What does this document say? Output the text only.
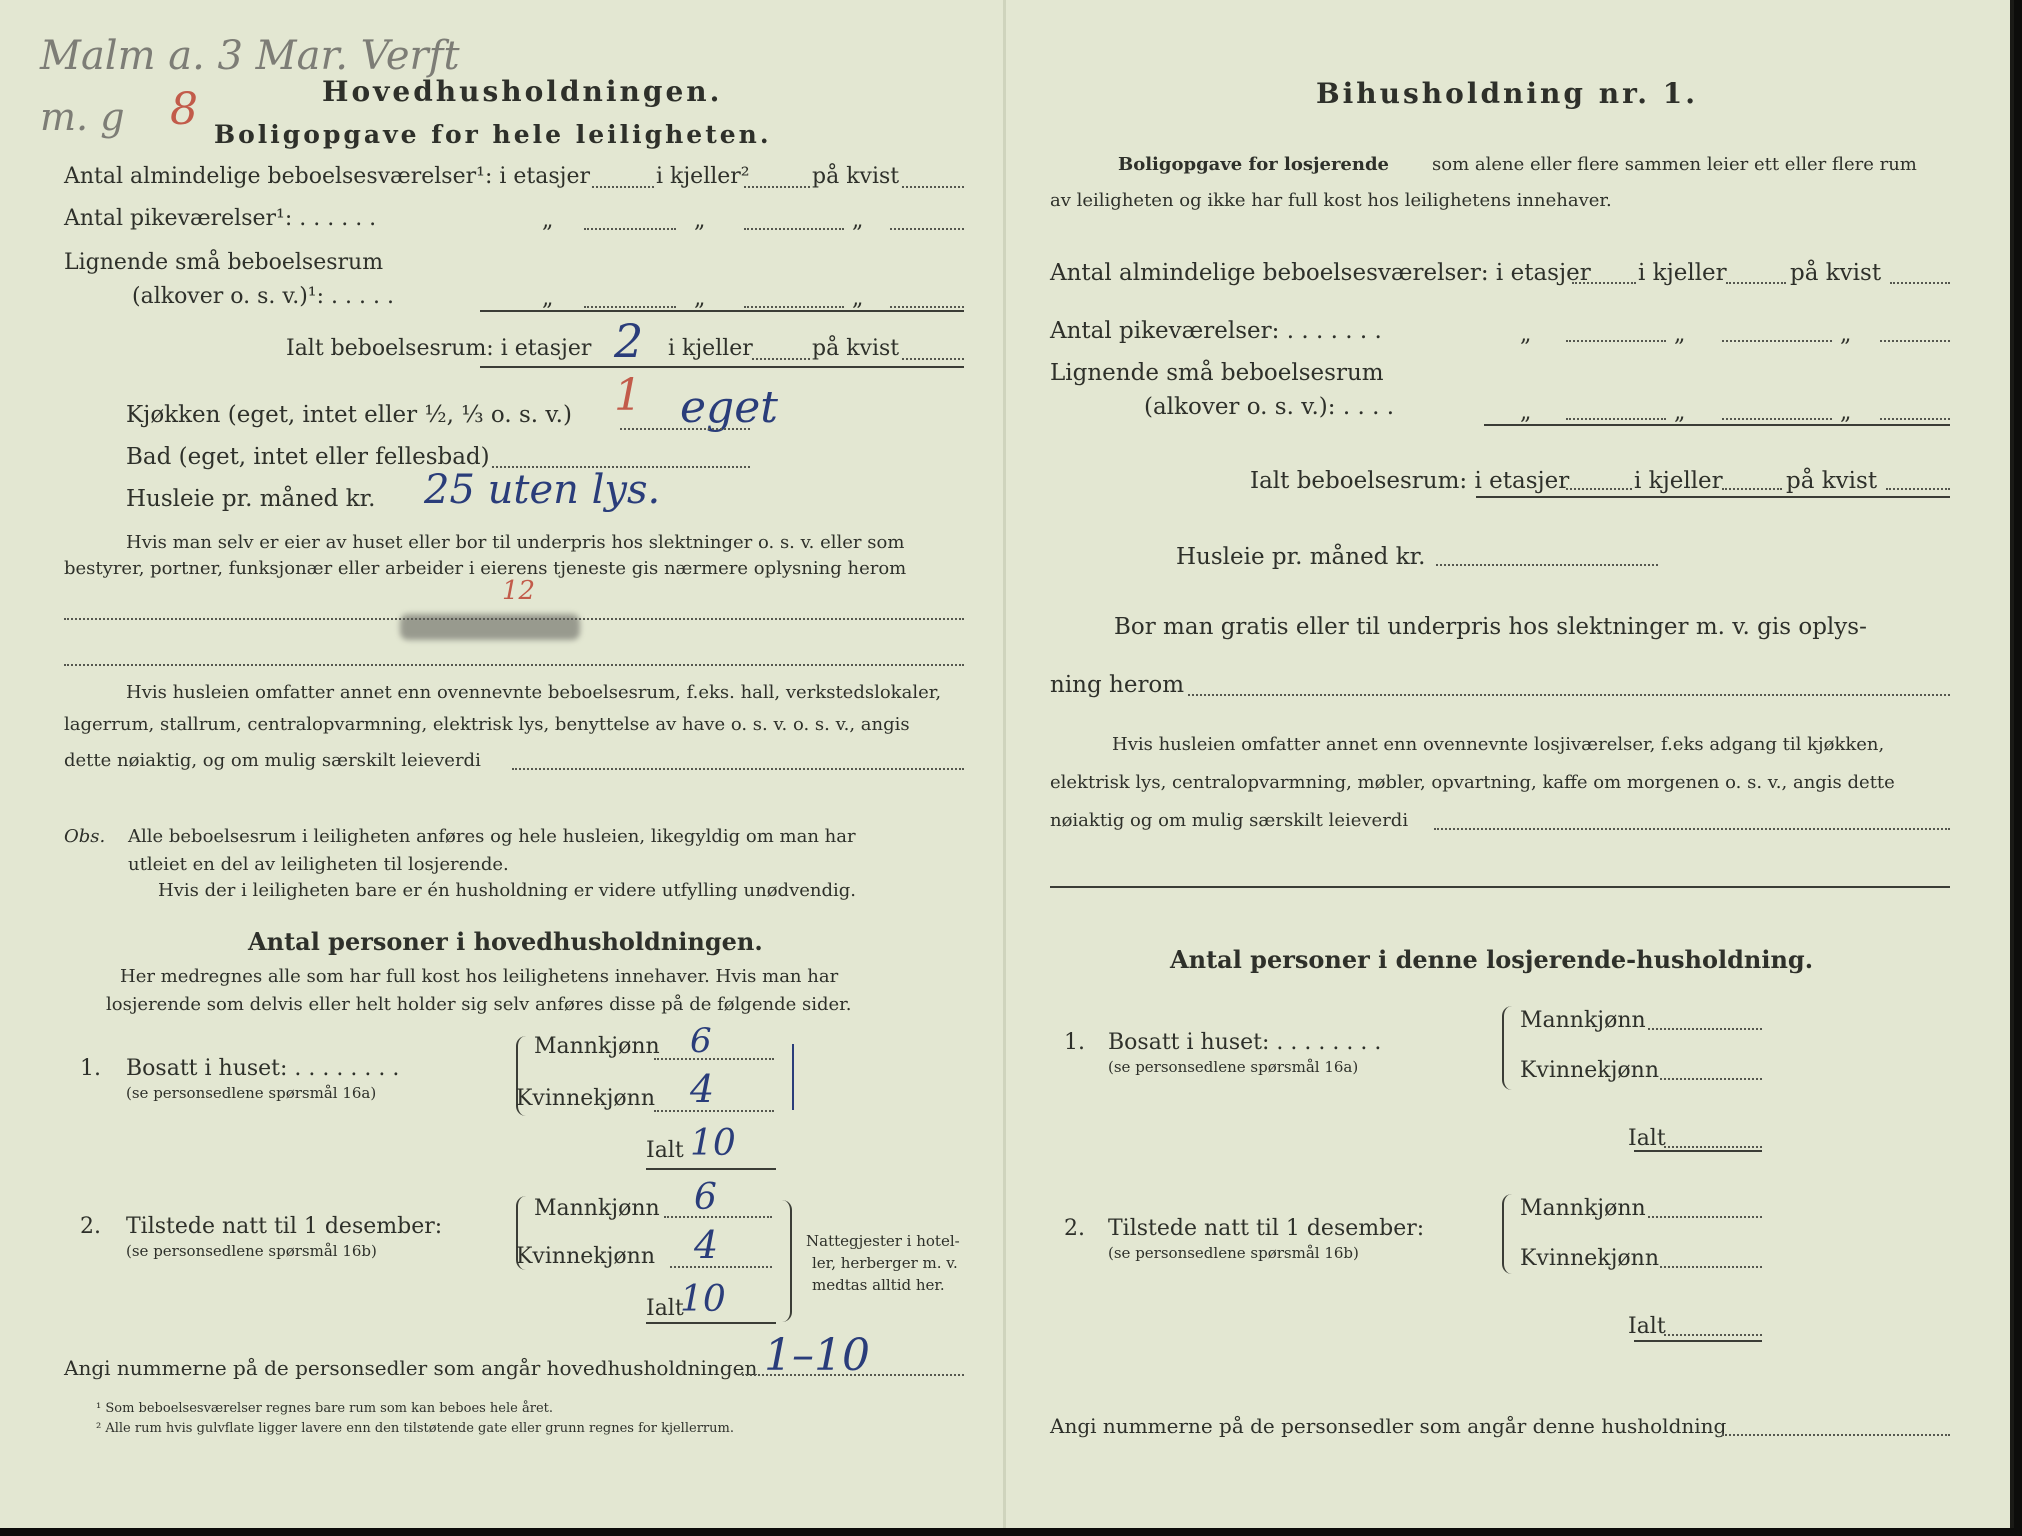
Malm a. 3 Mar. Verft
m. g 8	Hovedhusholdningen.
Boligopgave for hele leiligheten.
Antal almindelige beboelsesværelser¹: i etasjer	i kjeller²	på kvist
Antal pikeværelser¹: . . . . . .	„	„	„
Lignende små beboelsesrum
(alkover o. s. v.)¹: . . . . .	„	„	„
Ialt beboelsesrum: i etasjer 2 i kjeller	på kvist
Kjøkken (eget, intet eller ½, ⅓ o. s. v.) 1 eget
Bad (eget, intet eller fellesbad)
Husleie pr. måned kr. 25 uten lys.
Hvis man selv er eier av huset eller bor til underpris hos slektninger o. s. v. eller som
bestyrer, portner, funksjonær eller arbeider i eierens tjeneste gis nærmere oplysning herom
12
Hvis husleien omfatter annet enn ovennevnte beboelsesrum, f.eks. hall, verkstedslokaler,
lagerrum, stallrum, centralopvarmning, elektrisk lys, benyttelse av have o. s. v. o. s. v., angis
dette nøiaktig, og om mulig særskilt leieverdi
Obs. Alle beboelsesrum i leiligheten anføres og hele husleien, likegyldig om man har
utleiet en del av leiligheten til losjerende.
Hvis der i leiligheten bare er én husholdning er videre utfylling unødvendig.
Antal personer i hovedhusholdningen.
Her medregnes alle som har full kost hos leilighetens innehaver. Hvis man har
losjerende som delvis eller helt holder sig selv anføres disse på de følgende sider.
1. Bosatt i huset: . . . . . . . .
(se personsedlene spørsmål 16a)
Mannkjønn 6
Kvinnekjønn 4
Ialt 10
2. Tilstede natt til 1 desember:
(se personsedlene spørsmål 16b)
Mannkjønn 6
Kvinnekjønn 4
Ialt
10
Nattegjester i hotel-
ler, herberger m. v.
medtas alltid her.
Angi nummerne på de personsedler som angår hovedhusholdningen 1–10
¹ Som beboelsesværelser regnes bare rum som kan beboes hele året.
² Alle rum hvis gulvflate ligger lavere enn den tilstøtende gate eller grunn regnes for kjellerrum.
Bihusholdning nr. 1.
Boligopgave for losjerende som alene eller flere sammen leier ett eller flere rum
av leiligheten og ikke har full kost hos leilighetens innehaver.
Antal almindelige beboelsesværelser: i etasjer i kjeller	på kvist
Antal pikeværelser: . . . . . . .	„	„	„
Lignende små beboelsesrum
(alkover o. s. v.): . . . .	„	„	„
Ialt beboelsesrum: i etasjer	i kjeller	på kvist
Husleie pr. måned kr.
Bor man gratis eller til underpris hos slektninger m. v. gis oplys-
ning herom
Hvis husleien omfatter annet enn ovennevnte losjiværelser, f.eks adgang til kjøkken,
elektrisk lys, centralopvarmning, møbler, opvartning, kaffe om morgenen o. s. v., angis dette
nøiaktig og om mulig særskilt leieverdi
Antal personer i denne losjerende-husholdning.
1. Bosatt i huset: . . . . . . . .
(se personsedlene spørsmål 16a)
Mannkjønn
Kvinnekjønn
Ialt
2. Tilstede natt til 1 desember:
(se personsedlene spørsmål 16b)
Mannkjønn
Kvinnekjønn
Ialt
Angi nummerne på de personsedler som angår denne husholdning
